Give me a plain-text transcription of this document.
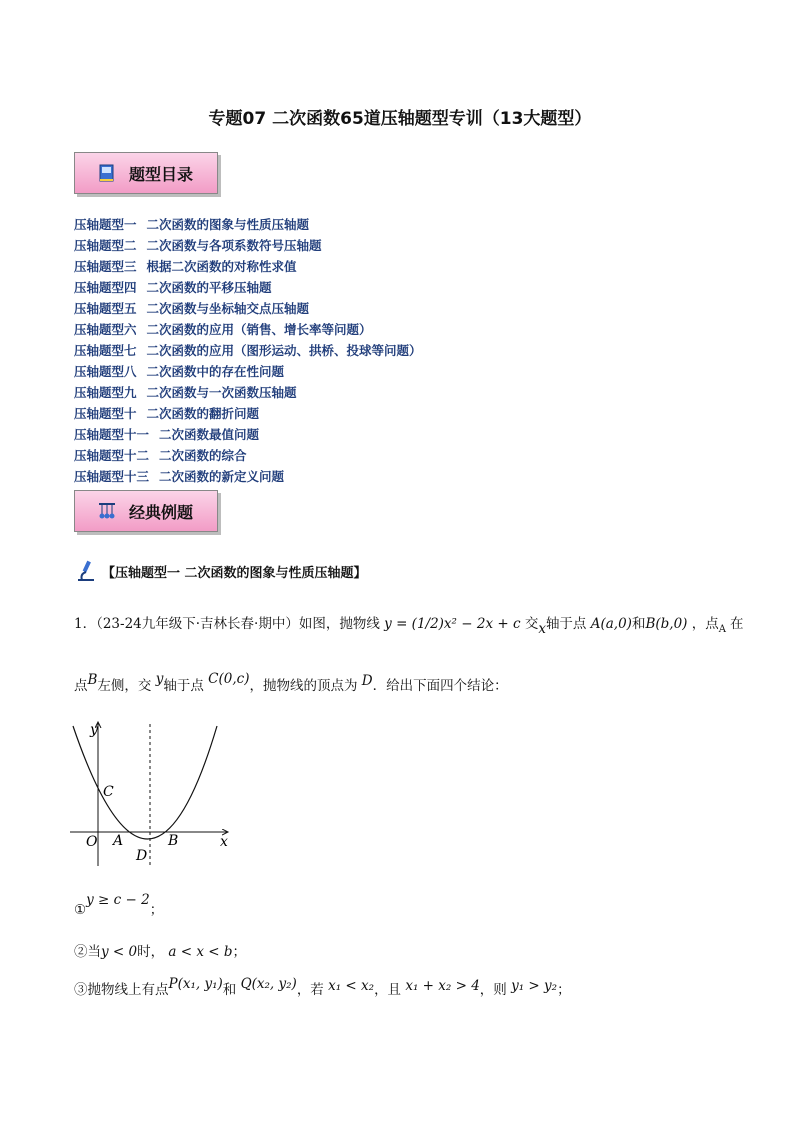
专题07 二次函数65道压轴题型专训（13大题型）
题型目录
压轴题型一 二次函数的图象与性质压轴题
压轴题型二 二次函数与各项系数符号压轴题
压轴题型三 根据二次函数的对称性求值
压轴题型四 二次函数的平移压轴题
压轴题型五 二次函数与坐标轴交点压轴题
压轴题型六 二次函数的应用（销售、增长率等问题）
压轴题型七 二次函数的应用（图形运动、拱桥、投球等问题）
压轴题型八 二次函数中的存在性问题
压轴题型九 二次函数与一次函数压轴题
压轴题型十 二次函数的翻折问题
压轴题型十一 二次函数最值问题
压轴题型十二 二次函数的综合
压轴题型十三 二次函数的新定义问题
经典例题
【压轴题型一 二次函数的图象与性质压轴题】
1．（23-24九年级下·吉林长春·期中）如图，抛物线 y = (1/2)x² − 2x + c 交x轴于点 A(a,0)和B(b,0) ，点$_A$ 在
点B左侧，交 y轴于点 C(0,c)，抛物线的顶点为 D．给出下面四个结论：
y
x
O A	B
C
D
①y ≥ c − 2；
②当y < 0时， a < x < b；
③抛物线上有点P(x₁, y₁)和 Q(x₂, y₂)，若 x₁ < x₂，且 x₁ + x₂ > 4，则 y₁ > y₂；
